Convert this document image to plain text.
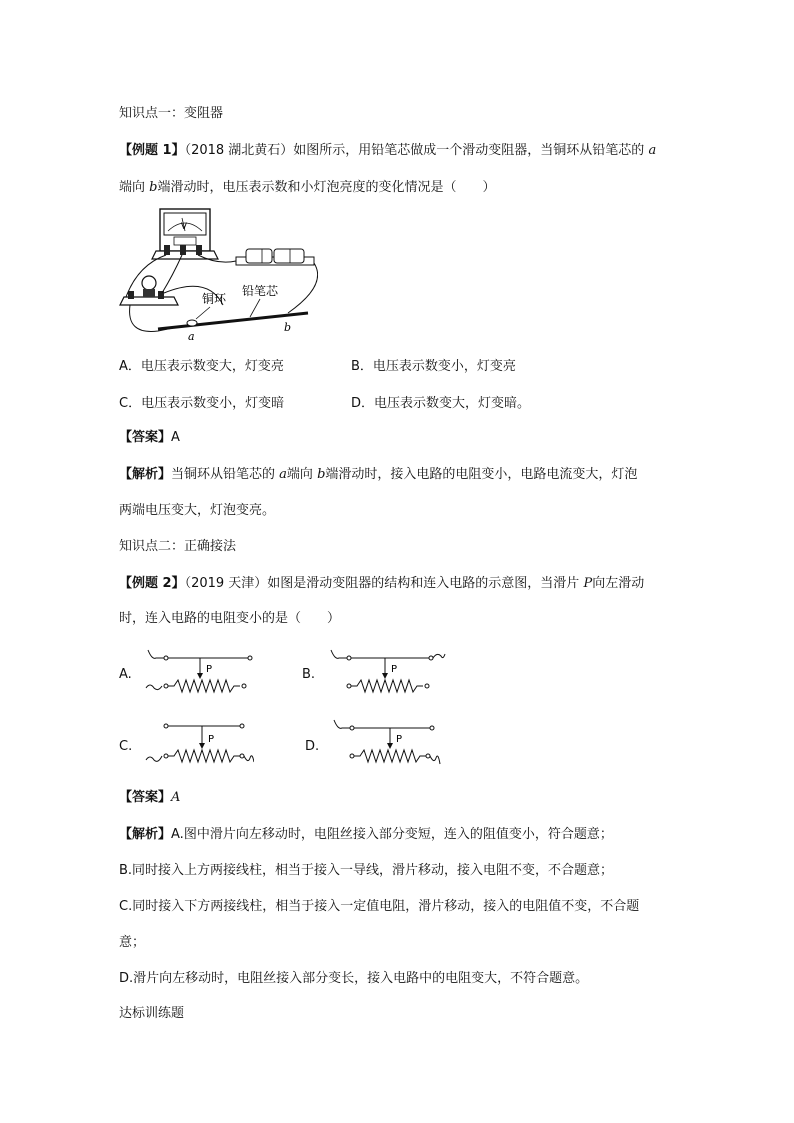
知识点一：变阻器
【例题 1】（2018 湖北黄石）如图所示，用铅笔芯做成一个滑动变阻器，当铜环从铅笔芯的 a
端向 b端滑动时，电压表示数和小灯泡亮度的变化情况是（　　）
V
铜环
铅笔芯
a
b
A．电压表示数变大，灯变亮	B．电压表示数变小，灯变亮
C．电压表示数变小，灯变暗	D．电压表示数变大，灯变暗。
【答案】A
【解析】当铜环从铅笔芯的 a端向 b端滑动时，接入电路的电阻变小，电路电流变大，灯泡
两端电压变大，灯泡变亮。
知识点二：正确接法
【例题 2】（2019 天津）如图是滑动变阻器的结构和连入电路的示意图，当滑片 P向左滑动
时，连入电路的电阻变小的是（　　）
A.	P	B.	P
C.	P	D.	P
【答案】A
【解析】A.图中滑片向左移动时，电阻丝接入部分变短，连入的阻值变小，符合题意；
B.同时接入上方两接线柱，相当于接入一导线，滑片移动，接入电阻不变，不合题意；
C.同时接入下方两接线柱，相当于接入一定值电阻，滑片移动，接入的电阻值不变，不合题
意；
D.滑片向左移动时，电阻丝接入部分变长，接入电路中的电阻变大，不符合题意。
达标训练题
